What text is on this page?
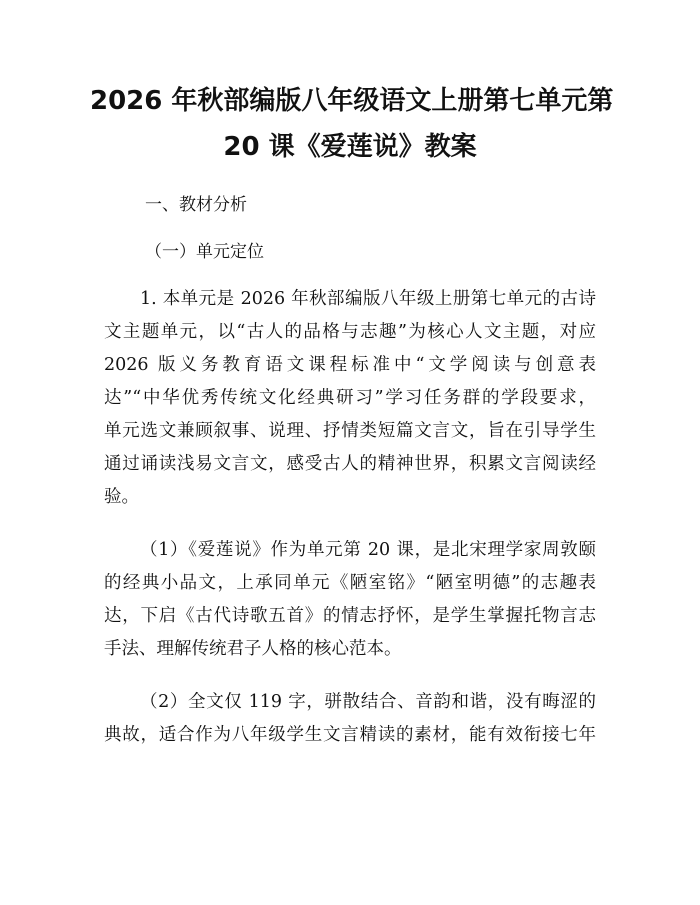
2026 年秋部编版八年级语文上册第七单元第
20 课《爱莲说》教案
一、教材分析
（一）单元定位
1. 本单元是 2026 年秋部编版八年级上册第七单元的古诗
文主题单元，以“古人的品格与志趣”为核心人文主题，对应
2026 版义务教育语文课程标准中“文学阅读与创意表
达”“中华优秀传统文化经典研习”学习任务群的学段要求，
单元选文兼顾叙事、说理、抒情类短篇文言文，旨在引导学生
通过诵读浅易文言文，感受古人的精神世界，积累文言阅读经
验。
（1）《爱莲说》作为单元第 20 课，是北宋理学家周敦颐
的经典小品文，上承同单元《陋室铭》“陋室明德”的志趣表
达，下启《古代诗歌五首》的情志抒怀，是学生掌握托物言志
手法、理解传统君子人格的核心范本。
（2）全文仅 119 字，骈散结合、音韵和谐，没有晦涩的
典故，适合作为八年级学生文言精读的素材，能有效衔接七年
